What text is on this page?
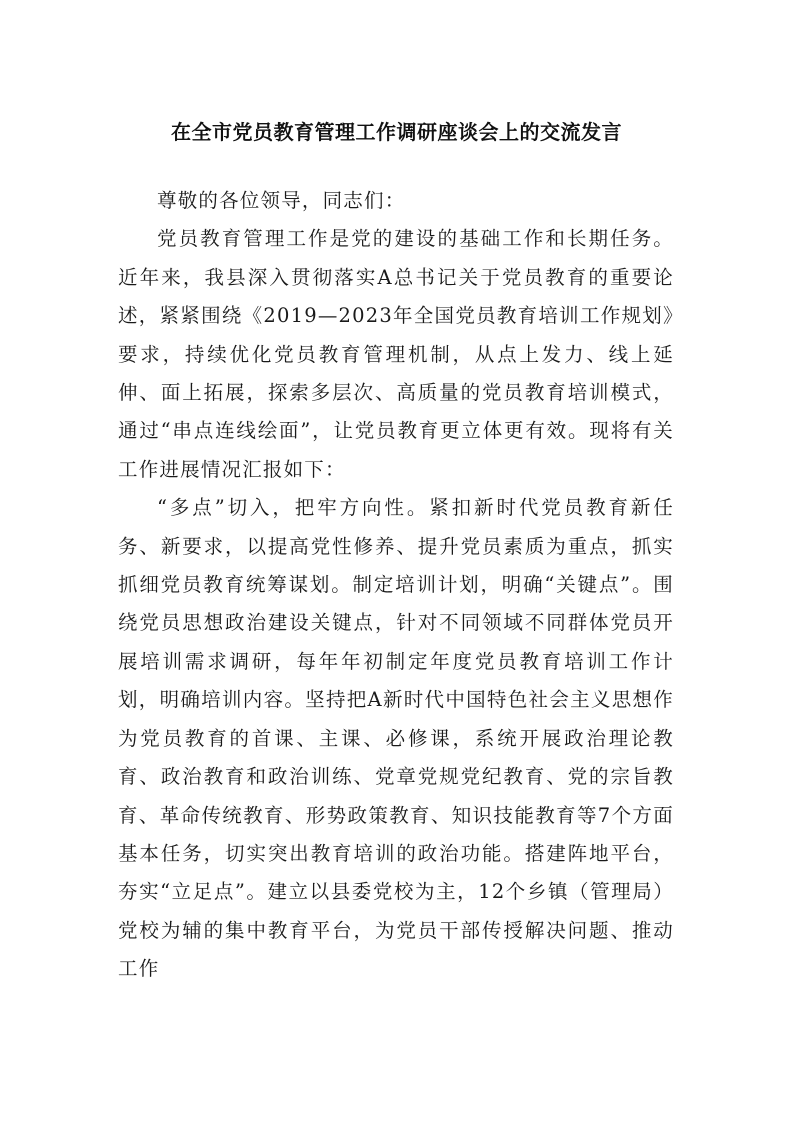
在全市党员教育管理工作调研座谈会上的交流发言

尊敬的各位领导，同志们：

党员教育管理工作是党的建设的基础工作和长期任务。近年来，我县深入贯彻落实A总书记关于党员教育的重要论述，紧紧围绕《2019—2023年全国党员教育培训工作规划》要求，持续优化党员教育管理机制，从点上发力、线上延伸、面上拓展，探索多层次、高质量的党员教育培训模式，通过“串点连线绘面”，让党员教育更立体更有效。现将有关工作进展情况汇报如下：

“多点”切入，把牢方向性。紧扣新时代党员教育新任务、新要求，以提高党性修养、提升党员素质为重点，抓实抓细党员教育统筹谋划。制定培训计划，明确“关键点”。围绕党员思想政治建设关键点，针对不同领域不同群体党员开展培训需求调研，每年年初制定年度党员教育培训工作计划，明确培训内容。坚持把A新时代中国特色社会主义思想作为党员教育的首课、主课、必修课，系统开展政治理论教育、政治教育和政治训练、党章党规党纪教育、党的宗旨教育、革命传统教育、形势政策教育、知识技能教育等7个方面基本任务，切实突出教育培训的政治功能。搭建阵地平台，夯实“立足点”。建立以县委党校为主，12个乡镇（管理局）党校为辅的集中教育平台，为党员干部传授解决问题、推动工作
